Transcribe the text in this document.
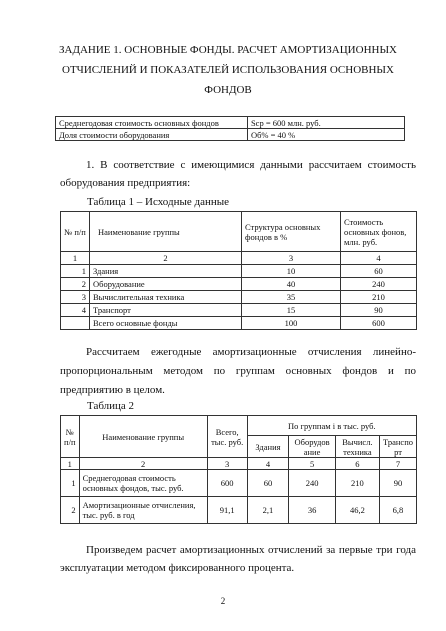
ЗАДАНИЕ 1. ОСНОВНЫЕ ФОНДЫ. РАСЧЕТ АМОРТИЗАЦИОННЫХ
ОТЧИСЛЕНИЙ И ПОКАЗАТЕЛЕЙ ИСПОЛЬЗОВАНИЯ ОСНОВНЫХ
ФОНДОВ
Среднегодовая стоимость основных фондов	Sср = 600 млн. руб.
Доля стоимости оборудования	Об% = 40 %
1. В соответствие с имеющимися данными рассчитаем стоимость оборудования предприятия:
Таблица 1 – Исходные данные
№ п/п	Наименование группы	Структура основных фондов в %	Стоимость основных фонов, млн. руб.
1	2	3	4
1	Здания	10	60
2	Оборудование	40	240
3	Вычислительная техника	35	210
4	Транспорт	15	90
	Всего основные фонды	100	600
Рассчитаем ежегодные амортизационные отчисления линейно-пропорциональным методом по группам основных фондов и по предприятию в целом.
Таблица 2
№ п/п	Наименование группы	Всего, тыс. руб.	По группам i в тыс. руб.			
			Здания	Оборудов ание	Вычисл. техника	Транспо рт
1	2	3	4	5	6	7
1	Среднегодовая стоимость основных фондов, тыс. руб.	600	60	240	210	90
2	Амортизационные отчисления, тыс. руб. в год	91,1	2,1	36	46,2	6,8
Произведем расчет амортизационных отчислений за первые три года эксплуатации методом фиксированного процента.
2
